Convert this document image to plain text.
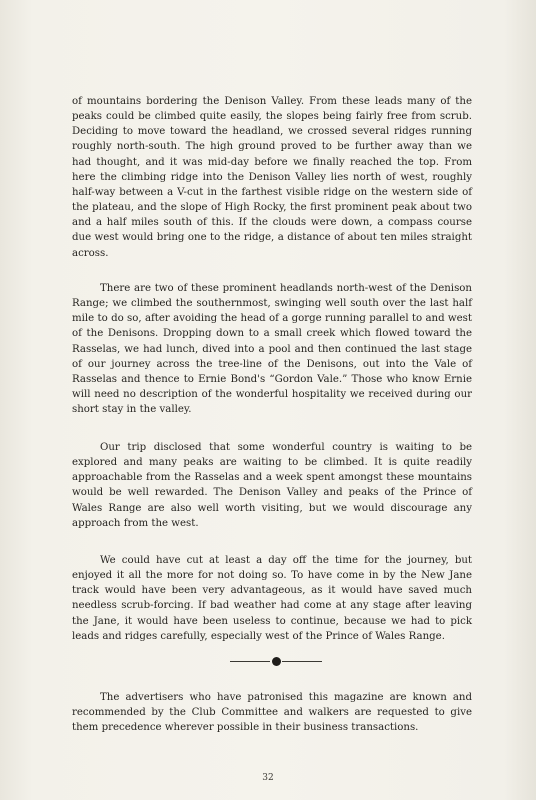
of mountains bordering the Denison Valley. From these leads many of the peaks could be climbed quite easily, the slopes being fairly free from scrub. Deciding to move toward the headland, we crossed several ridges running roughly north-south. The high ground proved to be further away than we had thought, and it was mid-day before we finally reached the top. From here the climbing ridge into the Denison Valley lies north of west, roughly half-way between a V-cut in the farthest visible ridge on the western side of the plateau, and the slope of High Rocky, the first prominent peak about two and a half miles south of this. If the clouds were down, a compass course due west would bring one to the ridge, a distance of about ten miles straight across.

There are two of these prominent headlands north-west of the Denison Range; we climbed the southernmost, swinging well south over the last half mile to do so, after avoiding the head of a gorge running parallel to and west of the Denisons. Dropping down to a small creek which flowed toward the Rasselas, we had lunch, dived into a pool and then continued the last stage of our journey across the tree-line of the Denisons, out into the Vale of Rasselas and thence to Ernie Bond's “Gordon Vale.” Those who know Ernie will need no description of the wonderful hospitality we received during our short stay in the valley.

Our trip disclosed that some wonderful country is waiting to be explored and many peaks are waiting to be climbed. It is quite readily approachable from the Rasselas and a week spent amongst these mountains would be well rewarded. The Denison Valley and peaks of the Prince of Wales Range are also well worth visiting, but we would discourage any approach from the west.

We could have cut at least a day off the time for the journey, but enjoyed it all the more for not doing so. To have come in by the New Jane track would have been very advantageous, as it would have saved much needless scrub-forcing. If bad weather had come at any stage after leaving the Jane, it would have been useless to continue, because we had to pick leads and ridges carefully, especially west of the Prince of Wales Range.

The advertisers who have patronised this magazine are known and recommended by the Club Committee and walkers are requested to give them precedence wherever possible in their business transactions.

32
